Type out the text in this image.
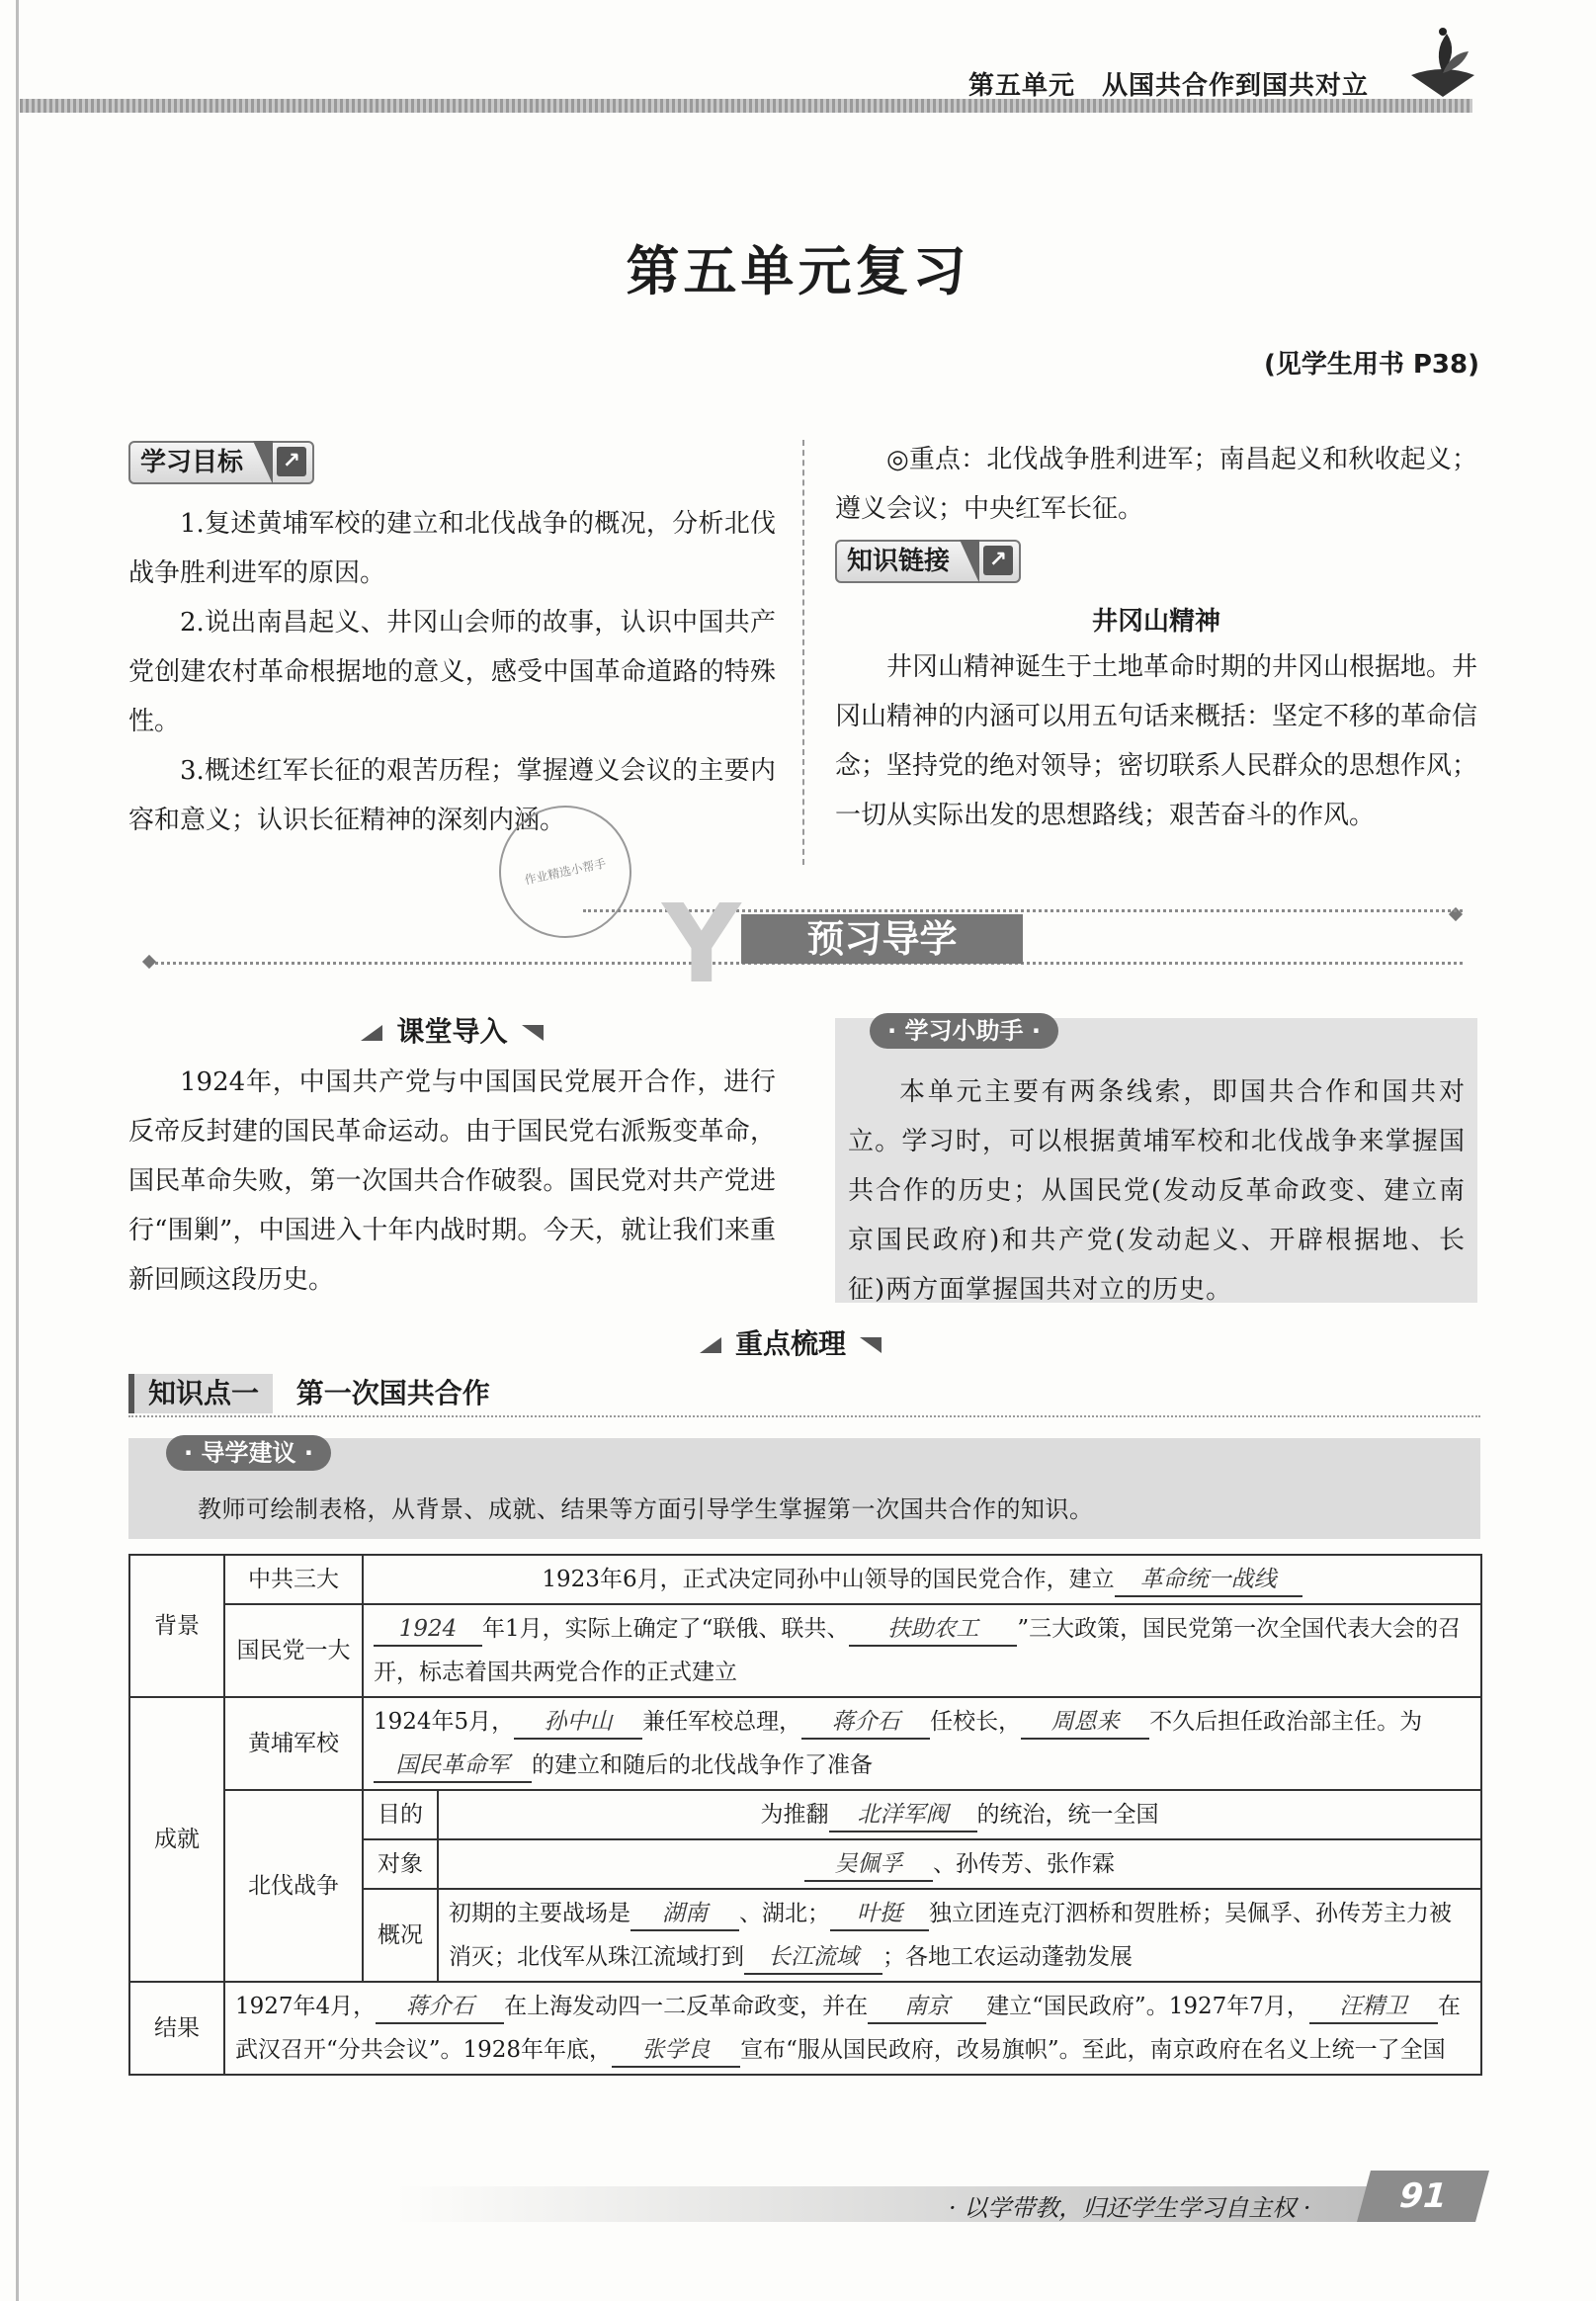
第五单元　从国共合作到国共对立
第五单元复习
(见学生用书 P38)
学习目标 ↗
1.复述黄埔军校的建立和北伐战争的概况，分析北伐战争胜利进军的原因。
2.说出南昌起义、井冈山会师的故事，认识中国共产党创建农村革命根据地的意义，感受中国革命道路的特殊性。
3.概述红军长征的艰苦历程；掌握遵义会议的主要内容和意义；认识长征精神的深刻内涵。
作业精选小帮手
◎重点：北伐战争胜利进军；南昌起义和秋收起义；遵义会议；中央红军长征。
知识链接 ↗
井冈山精神
井冈山精神诞生于土地革命时期的井冈山根据地。井冈山精神的内涵可以用五句话来概括：坚定不移的革命信念；坚持党的绝对领导；密切联系人民群众的思想作风；一切从实际出发的思想路线；艰苦奋斗的作风。
Y	预习导学
课堂导入
1924年，中国共产党与中国国民党展开合作，进行反帝反封建的国民革命运动。由于国民党右派叛变革命，国民革命失败，第一次国共合作破裂。国民党对共产党进行“围剿”，中国进入十年内战时期。今天，就让我们来重新回顾这段历史。
· 学习小助手 ·
本单元主要有两条线索，即国共合作和国共对立。学习时，可以根据黄埔军校和北伐战争来掌握国共合作的历史；从国民党(发动反革命政变、建立南京国民政府)和共产党(发动起义、开辟根据地、长征)两方面掌握国共对立的历史。
重点梳理
知识点一 第一次国共合作
· 导学建议 ·
教师可绘制表格，从背景、成就、结果等方面引导学生掌握第一次国共合作的知识。
背景	中共三大	1923年6月，正式决定同孙中山领导的国民党合作，建立 革命统一战线	
	国民党一大	1924 年1月，实际上确定了“联俄、联共、 扶助农工 ”三大政策，国民党第一次全国代表大会的召开，标志着国共两党合作的正式建立	
成就	黄埔军校	1924年5月， 孙中山 兼任军校总理， 蒋介石 任校长， 周恩来 不久后担任政治部主任。为国民革命军 的建立和随后的北伐战争作了准备	
	北伐战争	目的	为推翻 北洋军阀 的统治，统一全国
		对象	吴佩孚 、孙传芳、张作霖
		概况	初期的主要战场是 湖南 、湖北； 叶挺 独立团连克汀泗桥和贺胜桥；吴佩孚、孙传芳主力被消灭；北伐军从珠江流域打到 长江流域 ；各地工农运动蓬勃发展
结果	1927年4月， 蒋介石 在上海发动四一二反革命政变，并在 南京 建立“国民政府”。1927年7月， 汪精卫 在武汉召开“分共会议”。1928年年底， 张学良 宣布“服从国民政府，改易旗帜”。至此，南京政府在名义上统一了全国		
· 以学带教，归还学生学习自主权 ·	91
